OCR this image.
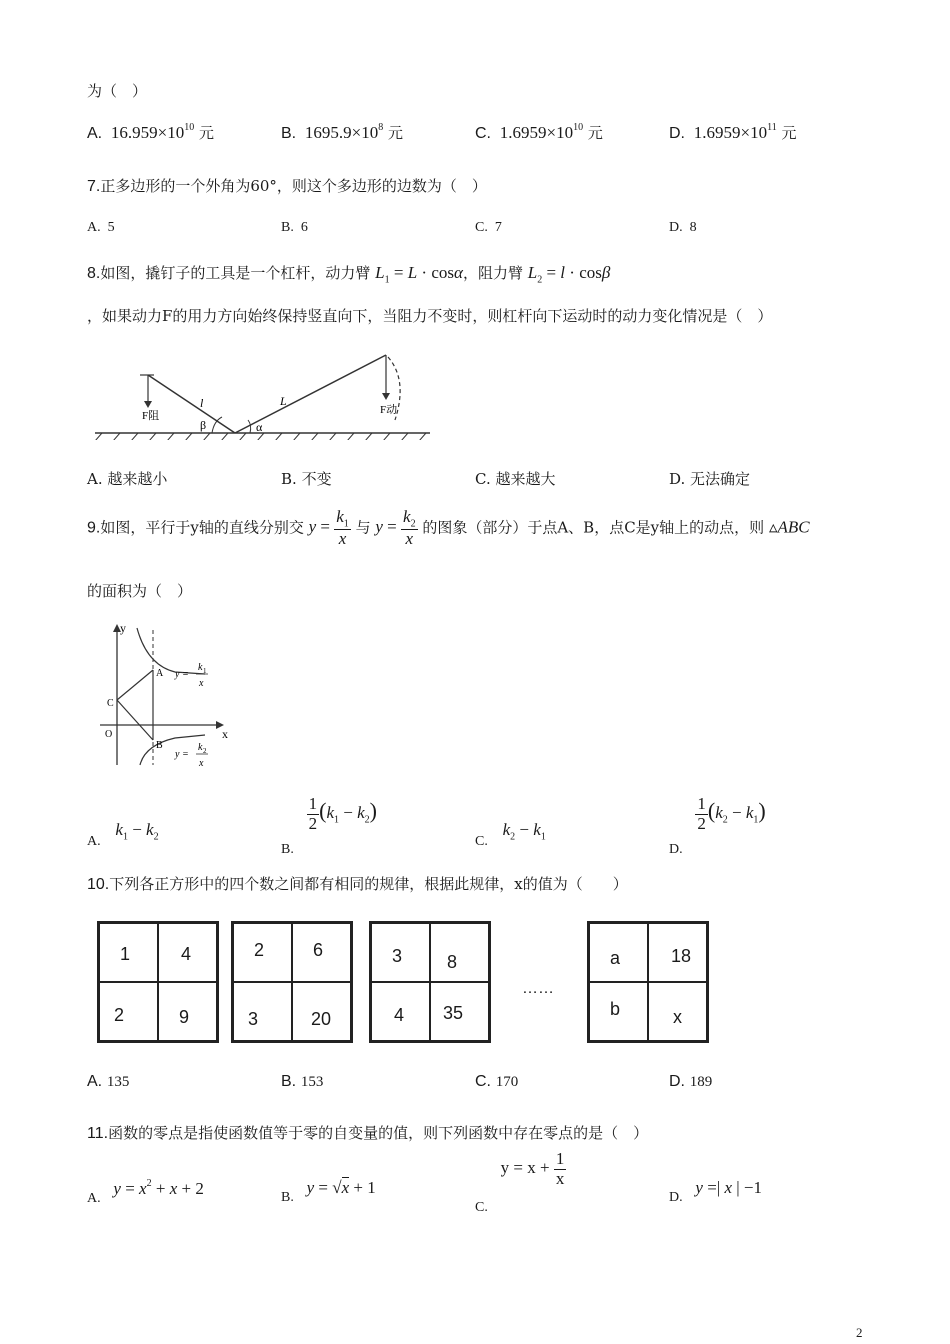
为（　）
A. $16.959\times 10^{10}$ 元	B. $1695.9\times 10^8$ 元	C. $1.6959\times 10^{10}$ 元	D. $1.6959\times 10^{11}$ 元
7.正多边形的一个外角为60°，则这个多边形的边数为（　）
A. 5	B. 6	C. 7	D. 8
8.如图，撬钉子的工具是一个杠杆，动力臂 $L_1 = L \cdot \cos\alpha$，阻力臂 $L_2 = l \cdot \cos\beta$
，如果动力F的用力方向始终保持竖直向下，当阻力不变时，则杠杆向下运动时的动力变化情况是（　）
F阻	F动
l	L
β	α
A. 越来越小	B. 不变	C. 越来越大	D. 无法确定
9.如图，平行于y轴的直线分别交 $y = \frac{k_1}{x}$ 与 $y = \frac{k_2}{x}$ 的图象（部分）于点A、B，点C是y轴上的动点，则 ▵ABC
的面积为（　）
y
x
O
C
A
B
y =
k 1
x
y =
k 2
x
A. $k_1 - k_2$
B.
$\frac{1}{2} (k_1 - k_2)$
C. $k_2 - k_1$
D.
$\frac{1}{2} (k_2 - k_1)$
10.下列各正方形中的四个数之间都有相同的规律，根据此规律，x的值为（　　）
1	4
2	9
2	6
3	20
3 8
4 35
……
a	18
b	x
A. 135	B. 153	C. 170	D. 189
11.函数的零点是指使函数值等于零的自变量的值，则下列函数中存在零点的是（　）
A. $y = x^2 + x + 2$	B. y = √x + 1
C. $y = x + \frac{1}{x}$
D. y =| x | −1
2
